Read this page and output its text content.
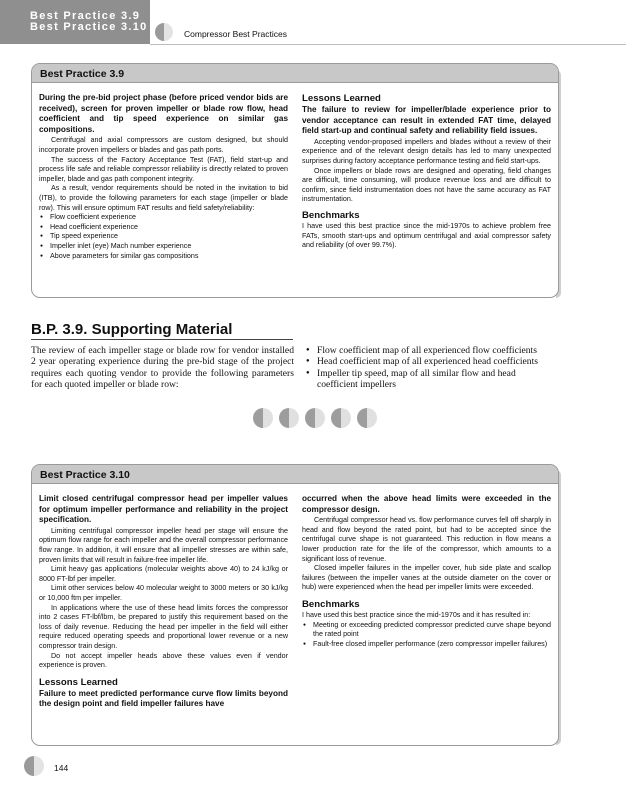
Best Practice 3.9
Best Practice 3.10
Compressor Best Practices
Best Practice 3.9

During the pre-bid project phase (before priced vendor bids are received), screen for proven impeller or blade row flow, head coefficient and tip speed experience on similar gas compositions.

Centrifugal and axial compressors are custom designed, but should incorporate proven impellers or blades and gas path ports.

The success of the Factory Acceptance Test (FAT), field start-up and process life safe and reliable compressor reliability is directly related to proven impeller, blade and gas path component integrity.

As a result, vendor requirements should be noted in the invitation to bid (ITB), to provide the following parameters for each stage (impeller or blade row). This will ensure optimum FAT results and field safety/reliability:

● Flow coefficient experience
● Head coefficient experience
● Tip speed experience
● Impeller inlet (eye) Mach number experience
● Above parameters for similar gas compositions
Lessons Learned

The failure to review for impeller/blade experience prior to vendor acceptance can result in extended FAT time, delayed field start-up and continual safety and reliability field issues.

Accepting vendor-proposed impellers and blades without a review of their experience and of the relevant design details has led to many unexpected surprises during factory acceptance performance testing and field start-ups.

Once impellers or blade rows are designed and operating, field changes are difficult, time consuming, will produce revenue loss and are difficult to confirm, since field instrumentation does not have the same accuracy as FAT instrumentation.

Benchmarks

I have used this best practice since the mid-1970s to achieve problem free FATs, smooth start-ups and optimum centrifugal and axial compressor safety and reliability (of over 99.7%).

B.P. 3.9. Supporting Material
The review of each impeller stage or blade row for vendor installed 2 year operating experience during the pre-bid stage of the project requires each quoting vendor to provide the following parameters for each quoted impeller or blade row:
● Flow coefficient map of all experienced flow coefficients
● Head coefficient map of all experienced head coefficients
● Impeller tip speed, map of all similar flow and head coefficient impellers
Best Practice 3.10

Limit closed centrifugal compressor head per impeller values for optimum impeller performance and reliability in the project specification.

Limiting centrifugal compressor impeller head per stage will ensure the optimum flow range for each impeller and the overall compressor performance flow range. In addition, it will ensure that all impeller stresses are within safe, proven limits that will result in failure-free impeller life.

Limit heavy gas applications (molecular weights above 40) to 24 kJ/kg or 8000 FT-lbf per impeller.

Limit other services below 40 molecular weight to 3000 meters or 30 kJ/kg or 10,000 ftm per impeller.

In applications where the use of these head limits forces the compressor into 2 cases FT-lbf/lbm, be prepared to justify this requirement based on the loss of daily revenue. Reducing the head per impeller in the field will either require reduced operating speeds and proportional lower revenue or a new compressor train design.

Do not accept impeller heads above these values even if vendor experience is proven.

Lessons Learned

Failure to meet predicted performance curve flow limits beyond the design point and field impeller failures have

occurred when the above head limits were exceeded in the compressor design.

Centrifugal compressor head vs. flow performance curves fell off sharply in head and flow beyond the rated point, but had to be accepted since the centrifugal curve shape is not guaranteed. This reduction in flow means a lower production rate for the life of the compressor, which amounts to a significant loss of revenue.

Closed impeller failures in the impeller cover, hub side plate and scallop failures (between the impeller vanes at the outside diameter on the cover or hub) were experienced when the head per impeller limits were exceeded.

Benchmarks

I have used this best practice since the mid-1970s and it has resulted in:

● Meeting or exceeding predicted compressor predicted curve shape beyond the rated point
● Fault-free closed impeller performance (zero compressor impeller failures)
144
